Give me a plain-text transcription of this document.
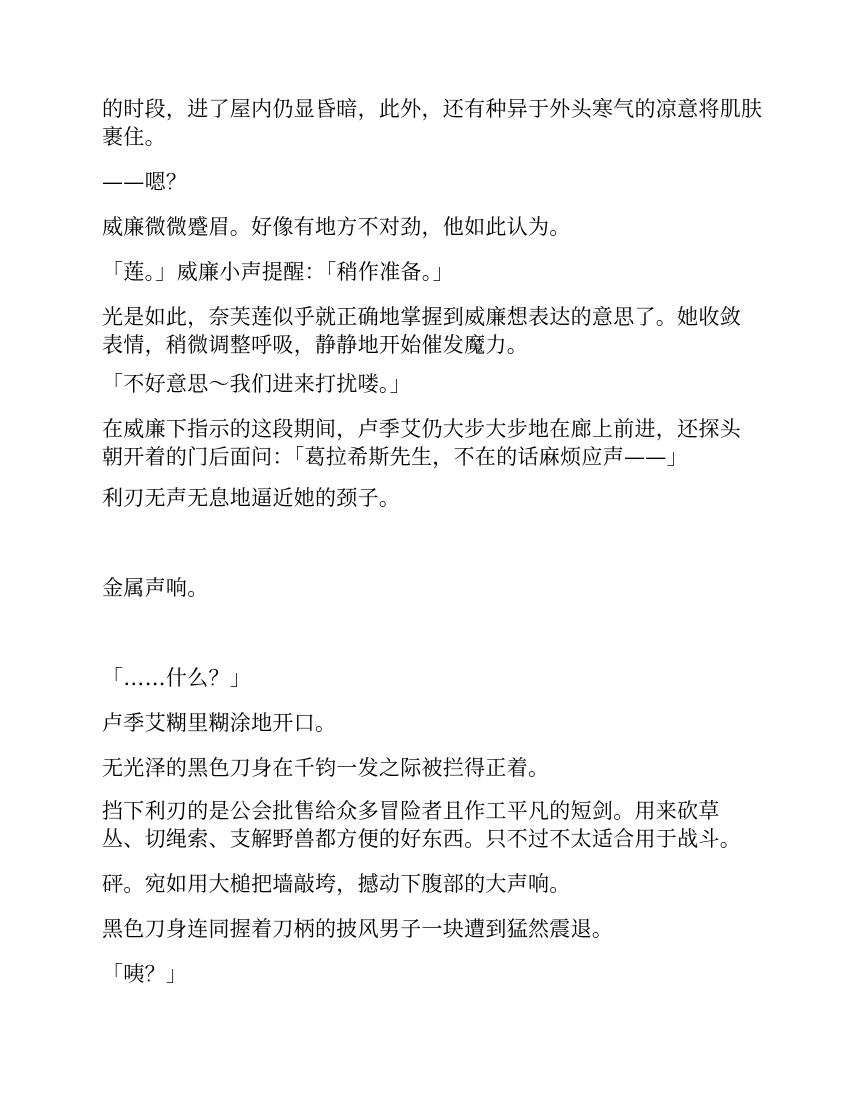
的时段，进了屋内仍显昏暗，此外，还有种异于外头寒气的凉意将肌肤
裹住。
——嗯？
威廉微微蹙眉。好像有地方不对劲，他如此认为。
「莲。」威廉小声提醒：「稍作准备。」
光是如此，奈芙莲似乎就正确地掌握到威廉想表达的意思了。她收敛
表情，稍微调整呼吸，静静地开始催发魔力。
「不好意思～我们进来打扰喽。」
在威廉下指示的这段期间，卢季艾仍大步大步地在廊上前进，还探头
朝开着的门后面问：「葛拉希斯先生，不在的话麻烦应声——」
利刃无声无息地逼近她的颈子。
金属声响。
「……什么？」
卢季艾糊里糊涂地开口。
无光泽的黑色刀身在千钧一发之际被拦得正着。
挡下利刃的是公会批售给众多冒险者且作工平凡的短剑。用来砍草
丛、切绳索、支解野兽都方便的好东西。只不过不太适合用于战斗。
砰。宛如用大槌把墙敲垮，撼动下腹部的大声响。
黑色刀身连同握着刀柄的披风男子一块遭到猛然震退。
「咦？」
